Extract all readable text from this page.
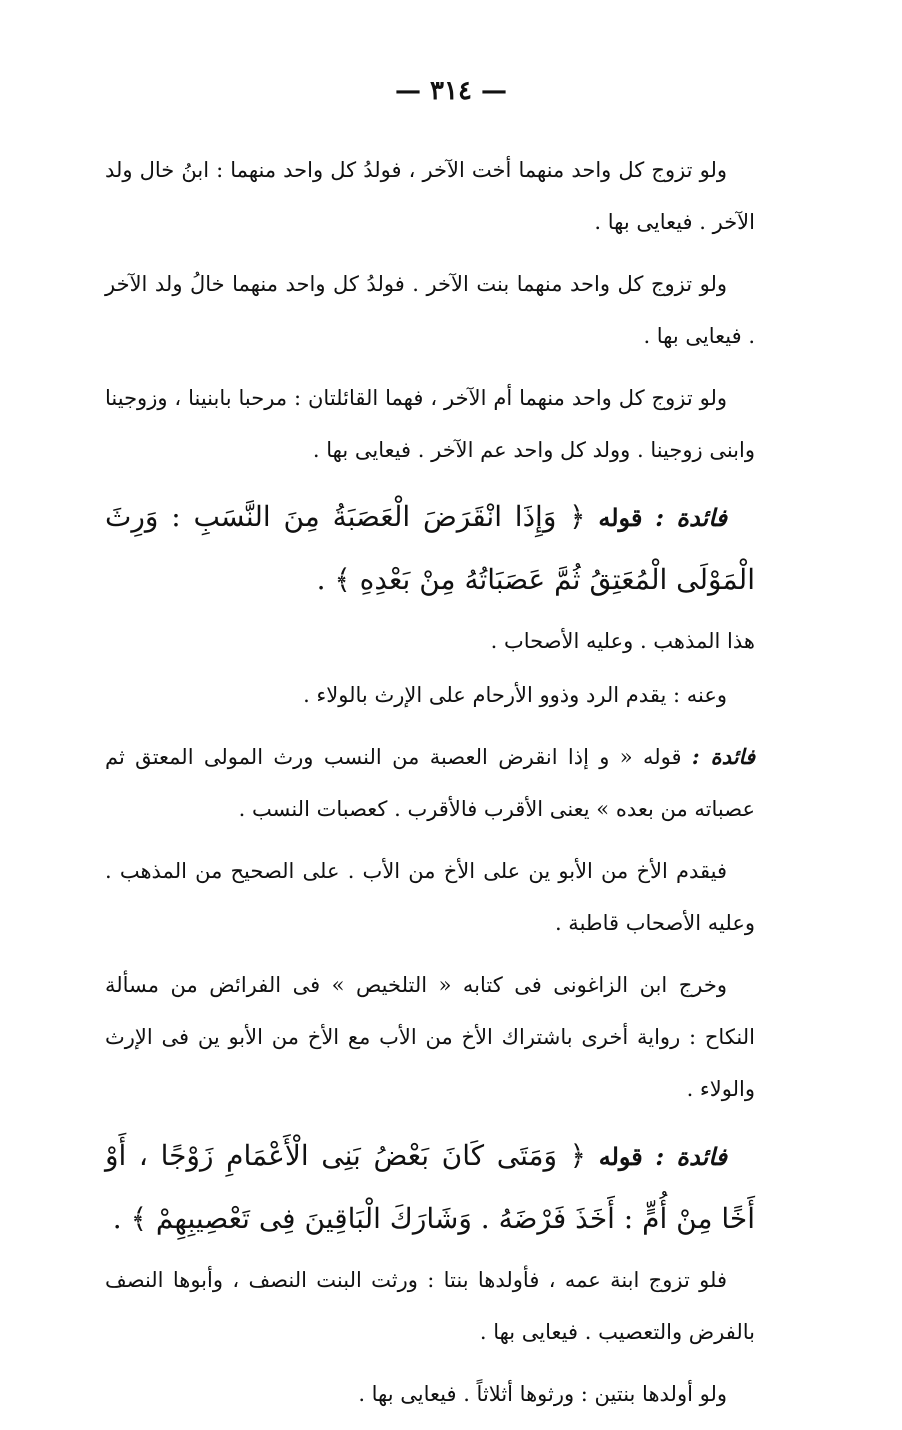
— ٣١٤ —

ولو تزوج كل واحد منهما أخت الآخر ، فولدُ كل واحد منهما : ابنُ خال ولد الآخر . فيعايى بها .

ولو تزوج كل واحد منهما بنت الآخر . فولدُ كل واحد منهما خالُ ولد الآخر . فيعايى بها .

ولو تزوج كل واحد منهما أم الآخر ، فهما القائلتان : مرحبا بابنينا ، وزوجينا وابنى زوجينا . وولد كل واحد عم الآخر . فيعايى بها .

فائدة : قوله ﴿ وَإِذَا انْقَرَضَ الْعَصَبَةُ مِنَ النَّسَبِ : وَرِثَ الْمَوْلَى الْمُعَتِقُ ثُمَّ عَصَبَاتُهُ مِنْ بَعْدِهِ ﴾ .

هذا المذهب . وعليه الأصحاب .

وعنه : يقدم الرد وذوو الأرحام على الإرث بالولاء .

فائدة : قوله « و إذا انقرض العصبة من النسب ورث المولى المعتق ثم عصباته من بعده » يعنى الأقرب فالأقرب . كعصبات النسب .

فيقدم الأخ من الأبو ين على الأخ من الأب . على الصحيح من المذهب . وعليه الأصحاب قاطبة .

وخرج ابن الزاغونى فى كتابه « التلخيص » فى الفرائض من مسألة النكاح : رواية أخرى باشتراك الأخ من الأب مع الأخ من الأبو ين فى الإرث والولاء .

فائدة : قوله ﴿ وَمَتَى كَانَ بَعْضُ بَنِى الْأَعْمَامِ زَوْجًا ، أَوْ أَخًا مِنْ أُمٍّ : أَخَذَ فَرْضَهُ . وَشَارَكَ الْبَاقِينَ فِى تَعْصِيبِهِمْ ﴾ .

فلو تزوج ابنة عمه ، فأولدها بنتا : ورثت البنت النصف ، وأبوها النصف بالفرض والتعصيب . فيعايى بها .

ولو أولدها بنتين : ورثوها أثلاثاً . فيعايى بها .
